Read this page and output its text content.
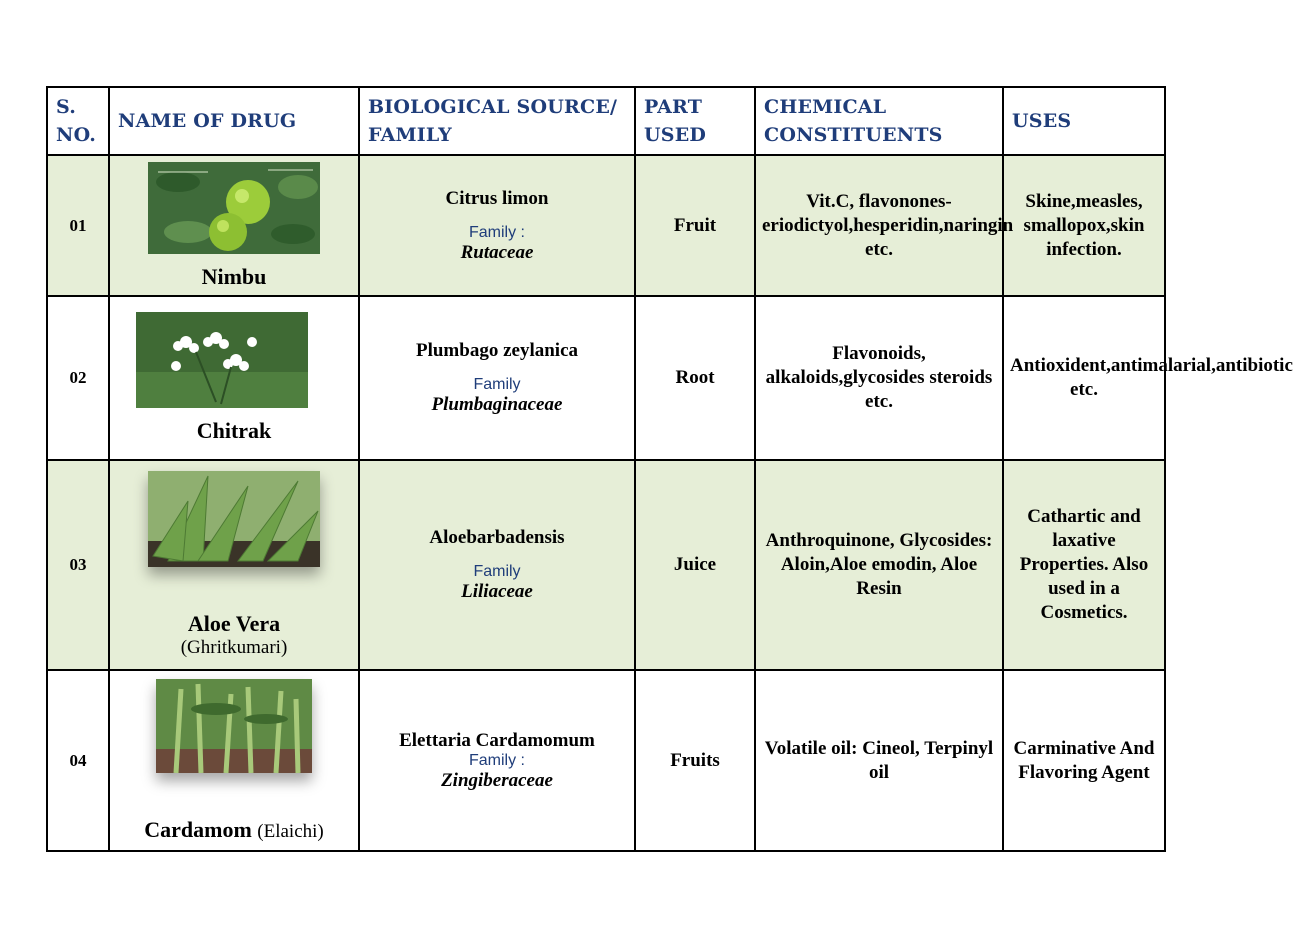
S. NO.	NAME OF DRUG	BIOLOGICAL SOURCE/ FAMILY	PART USED	CHEMICAL CONSTITUENTS	USES
01	Nimbu	Citrus limon
Family :
Rutaceae	Fruit	Vit.C, flavonones-eriodictyol,hesperidin,naringin etc.	Skine,measles, smallopox,skin infection.
02	Chitrak	Plumbago zeylanica
Family
Plumbaginaceae	Root	Flavonoids, alkaloids,glycosides steroids etc.	Antioxident,antimalarial,antibiotic etc.
03	Aloe Vera
(Ghritkumari)	Aloebarbadensis
Family
Liliaceae	Juice	Anthroquinone, Glycosides: Aloin,Aloe emodin, Aloe Resin	Cathartic and laxative Properties. Also used in a Cosmetics.
04	Cardamom (Elaichi)	Elettaria Cardamomum
Family :
Zingiberaceae	Fruits	Volatile oil: Cineol, Terpinyl oil	Carminative And Flavoring Agent
